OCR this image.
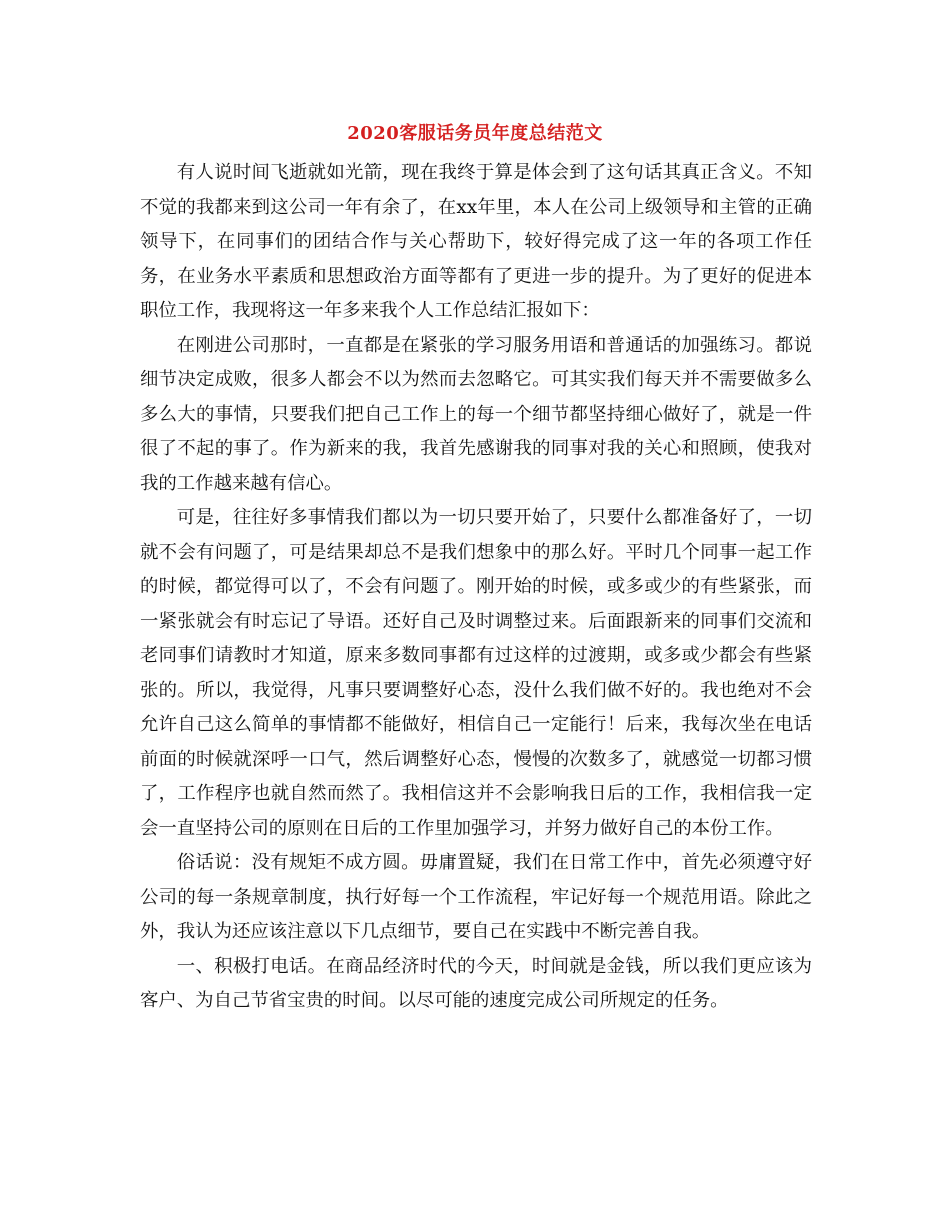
2020客服话务员年度总结范文

有人说时间飞逝就如光箭，现在我终于算是体会到了这句话其真正含义。不知不觉的我都来到这公司一年有余了，在xx年里，本人在公司上级领导和主管的正确领导下，在同事们的团结合作与关心帮助下，较好得完成了这一年的各项工作任务，在业务水平素质和思想政治方面等都有了更进一步的提升。为了更好的促进本职位工作，我现将这一年多来我个人工作总结汇报如下：

在刚进公司那时，一直都是在紧张的学习服务用语和普通话的加强练习。都说细节决定成败，很多人都会不以为然而去忽略它。可其实我们每天并不需要做多么多么大的事情，只要我们把自己工作上的每一个细节都坚持细心做好了，就是一件很了不起的事了。作为新来的我，我首先感谢我的同事对我的关心和照顾，使我对我的工作越来越有信心。

可是，往往好多事情我们都以为一切只要开始了，只要什么都准备好了，一切就不会有问题了，可是结果却总不是我们想象中的那么好。平时几个同事一起工作的时候，都觉得可以了，不会有问题了。刚开始的时候，或多或少的有些紧张，而一紧张就会有时忘记了导语。还好自己及时调整过来。后面跟新来的同事们交流和老同事们请教时才知道，原来多数同事都有过这样的过渡期，或多或少都会有些紧张的。所以，我觉得，凡事只要调整好心态，没什么我们做不好的。我也绝对不会允许自己这么简单的事情都不能做好，相信自己一定能行！后来，我每次坐在电话前面的时候就深呼一口气，然后调整好心态，慢慢的次数多了，就感觉一切都习惯了，工作程序也就自然而然了。我相信这并不会影响我日后的工作，我相信我一定会一直坚持公司的原则在日后的工作里加强学习，并努力做好自己的本份工作。

俗话说：没有规矩不成方圆。毋庸置疑，我们在日常工作中，首先必须遵守好公司的每一条规章制度，执行好每一个工作流程，牢记好每一个规范用语。除此之外，我认为还应该注意以下几点细节，要自己在实践中不断完善自我。

一、积极打电话。在商品经济时代的今天，时间就是金钱，所以我们更应该为客户、为自己节省宝贵的时间。以尽可能的速度完成公司所规定的任务。
